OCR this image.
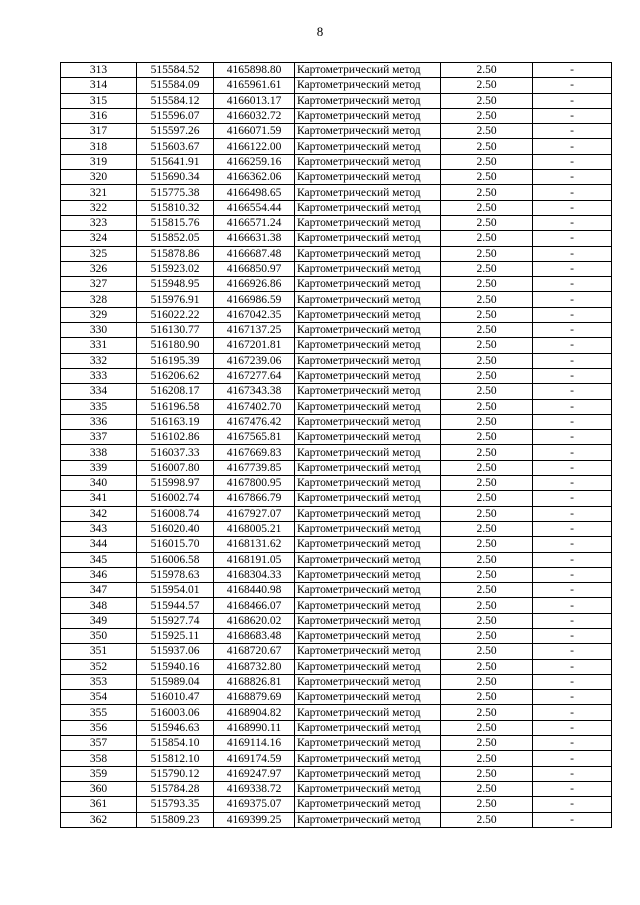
8
313	515584.52	4165898.80	Картометрический метод	2.50	-
314	515584.09	4165961.61	Картометрический метод	2.50	-
315	515584.12	4166013.17	Картометрический метод	2.50	-
316	515596.07	4166032.72	Картометрический метод	2.50	-
317	515597.26	4166071.59	Картометрический метод	2.50	-
318	515603.67	4166122.00	Картометрический метод	2.50	-
319	515641.91	4166259.16	Картометрический метод	2.50	-
320	515690.34	4166362.06	Картометрический метод	2.50	-
321	515775.38	4166498.65	Картометрический метод	2.50	-
322	515810.32	4166554.44	Картометрический метод	2.50	-
323	515815.76	4166571.24	Картометрический метод	2.50	-
324	515852.05	4166631.38	Картометрический метод	2.50	-
325	515878.86	4166687.48	Картометрический метод	2.50	-
326	515923.02	4166850.97	Картометрический метод	2.50	-
327	515948.95	4166926.86	Картометрический метод	2.50	-
328	515976.91	4166986.59	Картометрический метод	2.50	-
329	516022.22	4167042.35	Картометрический метод	2.50	-
330	516130.77	4167137.25	Картометрический метод	2.50	-
331	516180.90	4167201.81	Картометрический метод	2.50	-
332	516195.39	4167239.06	Картометрический метод	2.50	-
333	516206.62	4167277.64	Картометрический метод	2.50	-
334	516208.17	4167343.38	Картометрический метод	2.50	-
335	516196.58	4167402.70	Картометрический метод	2.50	-
336	516163.19	4167476.42	Картометрический метод	2.50	-
337	516102.86	4167565.81	Картометрический метод	2.50	-
338	516037.33	4167669.83	Картометрический метод	2.50	-
339	516007.80	4167739.85	Картометрический метод	2.50	-
340	515998.97	4167800.95	Картометрический метод	2.50	-
341	516002.74	4167866.79	Картометрический метод	2.50	-
342	516008.74	4167927.07	Картометрический метод	2.50	-
343	516020.40	4168005.21	Картометрический метод	2.50	-
344	516015.70	4168131.62	Картометрический метод	2.50	-
345	516006.58	4168191.05	Картометрический метод	2.50	-
346	515978.63	4168304.33	Картометрический метод	2.50	-
347	515954.01	4168440.98	Картометрический метод	2.50	-
348	515944.57	4168466.07	Картометрический метод	2.50	-
349	515927.74	4168620.02	Картометрический метод	2.50	-
350	515925.11	4168683.48	Картометрический метод	2.50	-
351	515937.06	4168720.67	Картометрический метод	2.50	-
352	515940.16	4168732.80	Картометрический метод	2.50	-
353	515989.04	4168826.81	Картометрический метод	2.50	-
354	516010.47	4168879.69	Картометрический метод	2.50	-
355	516003.06	4168904.82	Картометрический метод	2.50	-
356	515946.63	4168990.11	Картометрический метод	2.50	-
357	515854.10	4169114.16	Картометрический метод	2.50	-
358	515812.10	4169174.59	Картометрический метод	2.50	-
359	515790.12	4169247.97	Картометрический метод	2.50	-
360	515784.28	4169338.72	Картометрический метод	2.50	-
361	515793.35	4169375.07	Картометрический метод	2.50	-
362	515809.23	4169399.25	Картометрический метод	2.50	-
